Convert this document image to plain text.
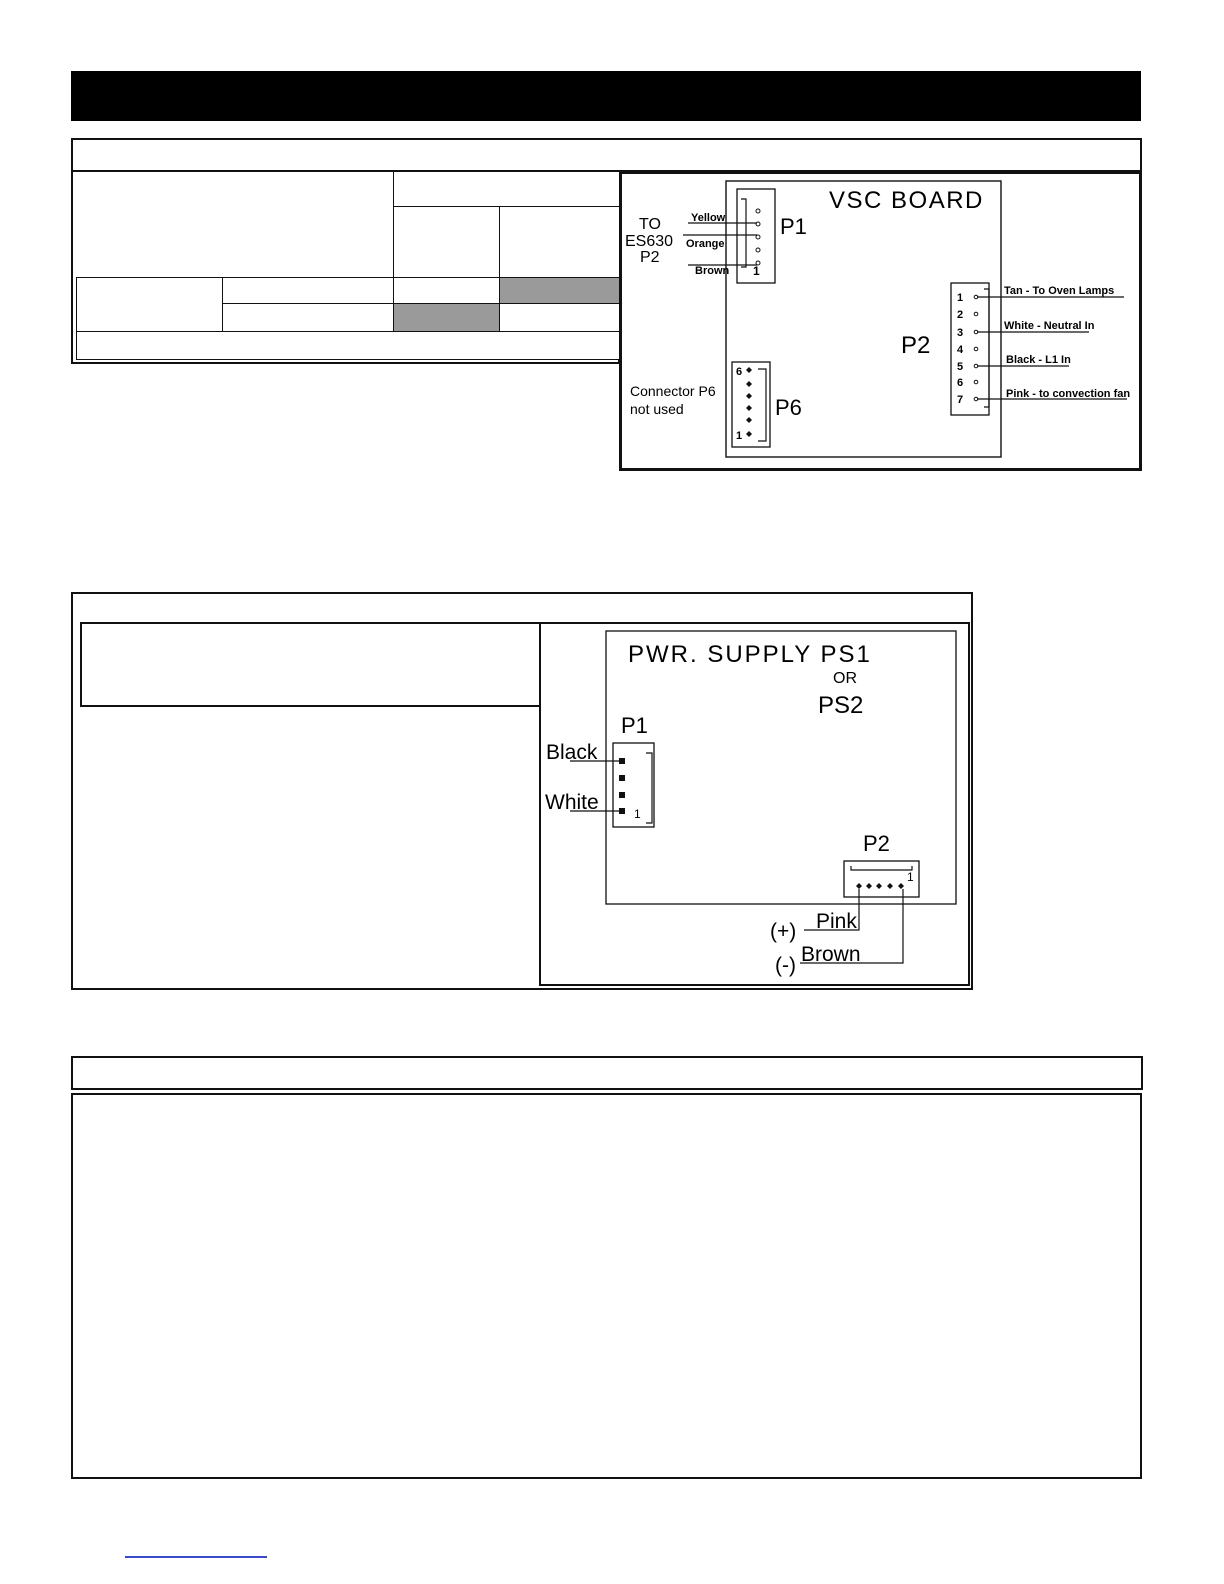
VSC BOARD
1
P1
Yellow
Orange
Brown
TO
ES630
P2
1
2
3
4
5
6
7
P2
Tan - To Oven Lamps
White - Neutral In
Black - L1 In
Pink - to convection fan
6
1
P6
Connector P6
not used
PWR. SUPPLY PS1
OR
PS2
P1
1
Black
White
P2
1
(+) Pink
(-) Brown
